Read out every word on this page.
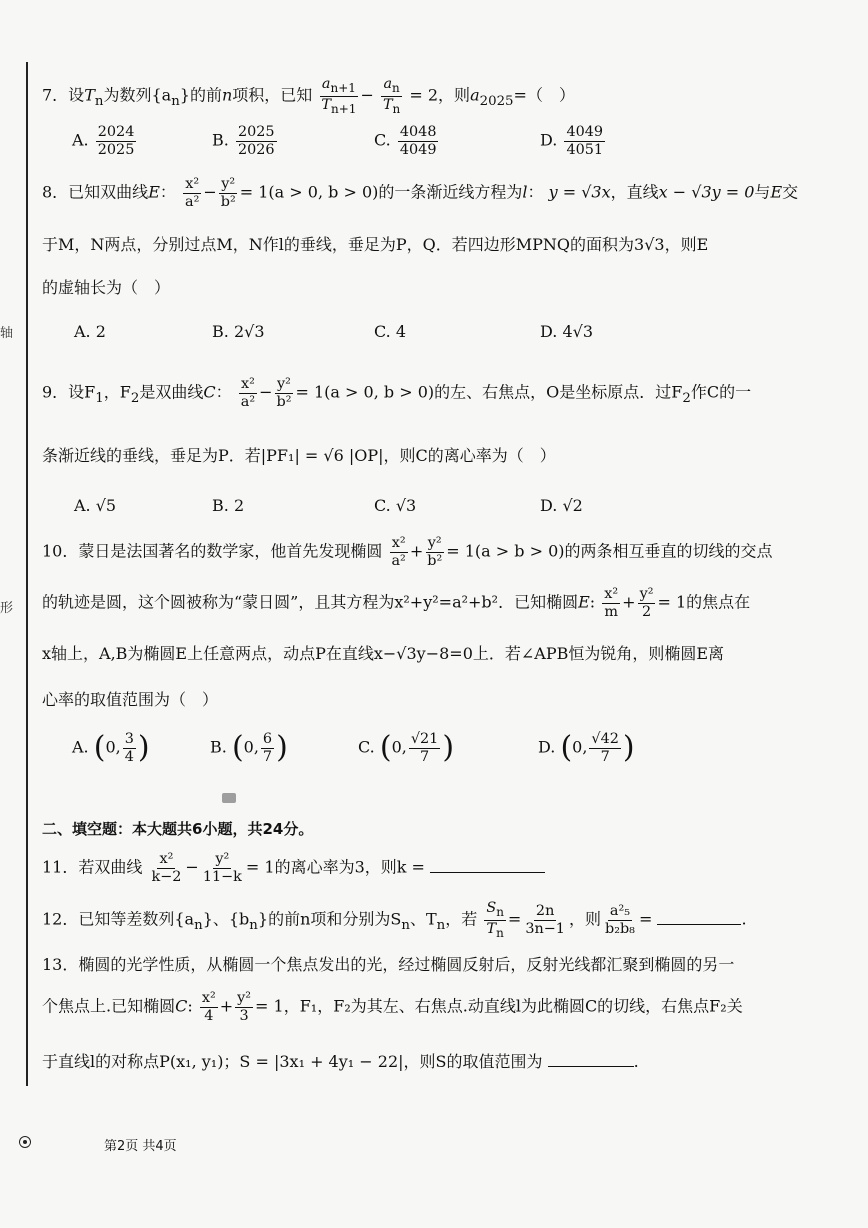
轴
形
7．设$T_n$为数列$\{a_n\}$的前n项积，已知 $\frac{a_{n+1}}{T_{n+1}} - \frac{a_n}{T_n} = 2$，则$a_{2025}=$（　）
A. $\frac{2024}{2025}$	B. $\frac{2025}{2026}$	C. $\frac{4048}{4049}$	D. $\frac{4049}{4051}$
8．已知双曲线E： $\frac{\text{x²}}{\text{a²}} - \frac{\text{y²}}{\text{b²}} = 1(a > 0$, b > 0)的一条渐近线方程为l： y = √3x，直线x − √3y = 0与E交
于M，N两点，分别过点M，N作l的垂线，垂足为P，Q．若四边形MPNQ的面积为3√3，则E
的虚轴长为（　）
A. 2	B. 2√3	C. 4	D. 4√3
9．设$F_1$，$F_2$是双曲线C： $\frac{\text{x²}}{\text{a²}} - \frac{\text{y²}}{\text{b²}} = 1(a > 0$, b > 0)的左、右焦点，O是坐标原点．过$F_2$作C的一
条渐近线的垂线，垂足为P．若|PF₁| = √6 |OP|，则C的离心率为（　）
A. √5	B. 2	C. √3	D. √2
10．蒙日是法国著名的数学家，他首先发现椭圆 $\frac{\text{x²}}{\text{a²}} + \frac{\text{y²}}{\text{b²}} = 1(a > b > 0)$的两条相互垂直的切线的交点
的轨迹是圆，这个圆被称为“蒙日圆”，且其方程为x²+y²=a²+b²．已知椭圆E: $\frac{\text{x²}}{m} + \frac{\text{y²}}{2} = 1$的焦点在
x轴上，A,B为椭圆E上任意两点，动点P在直线x−√3y−8=0上．若∠APB恒为锐角，则椭圆E离
心率的取值范围为（　）
A. (0, $\frac{3}{4}$ )	B. (0, $\frac{6}{7}$ )	C. (0, $\frac{√21}{7}$ )	D. (0, $\frac{√42}{7}$ )
二、填空题：本大题共6小题，共24分。
11．若双曲线 $\frac{\text{x²}}{k-2} - \frac{\text{y²}}{11-k} = 1$的离心率为3，则k =
12．已知等差数列$\{a_n\}$、$\{b_n\}$的前n项和分别为$S_n$、$T_n$，若 $\frac{S_n}{T_n} = \frac{2n}{3n-1}$ ，则 $\frac{\text{a²₅}}{\text{b₂b₈}}$ =	.
13．椭圆的光学性质，从椭圆一个焦点发出的光，经过椭圆反射后，反射光线都汇聚到椭圆的另一
个焦点上.已知椭圆C: $\frac{\text{x²}}{4} + \frac{\text{y²}}{3} = 1$，F₁，F₂为其左、右焦点.动直线l为此椭圆C的切线，右焦点F₂关
于直线l的对称点P(x₁, y₁)；S = |3x₁ + 4y₁ − 22|，则S的取值范围为	.
第2页 共4页
